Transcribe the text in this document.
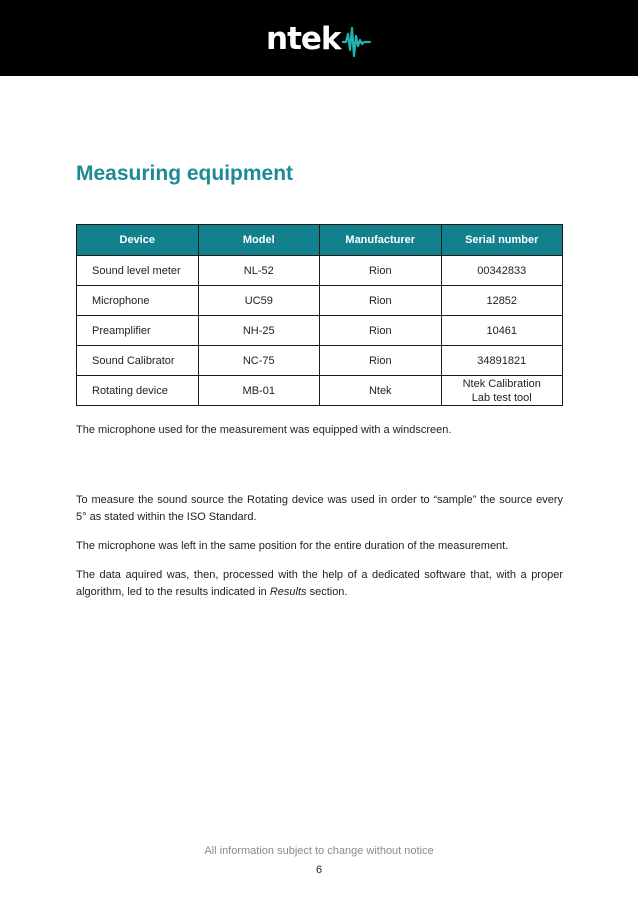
ntek
Measuring equipment
Device	Model	Manufacturer	Serial number
Sound level meter	NL-52	Rion	00342833
Microphone	UC59	Rion	12852
Preamplifier	NH-25	Rion	10461
Sound Calibrator	NC-75	Rion	34891821
Rotating device	MB-01	Ntek	Ntek Calibration Lab test tool

The microphone used for the measurement was equipped with a windscreen.

To measure the sound source the Rotating device was used in order to “sample” the source every 5° as stated within the ISO Standard.

The microphone was left in the same position for the entire duration of the measurement.

The data aquired was, then, processed with the help of a dedicated software that, with a proper algorithm, led to the results indicated in Results section.

All information subject to change without notice
6
